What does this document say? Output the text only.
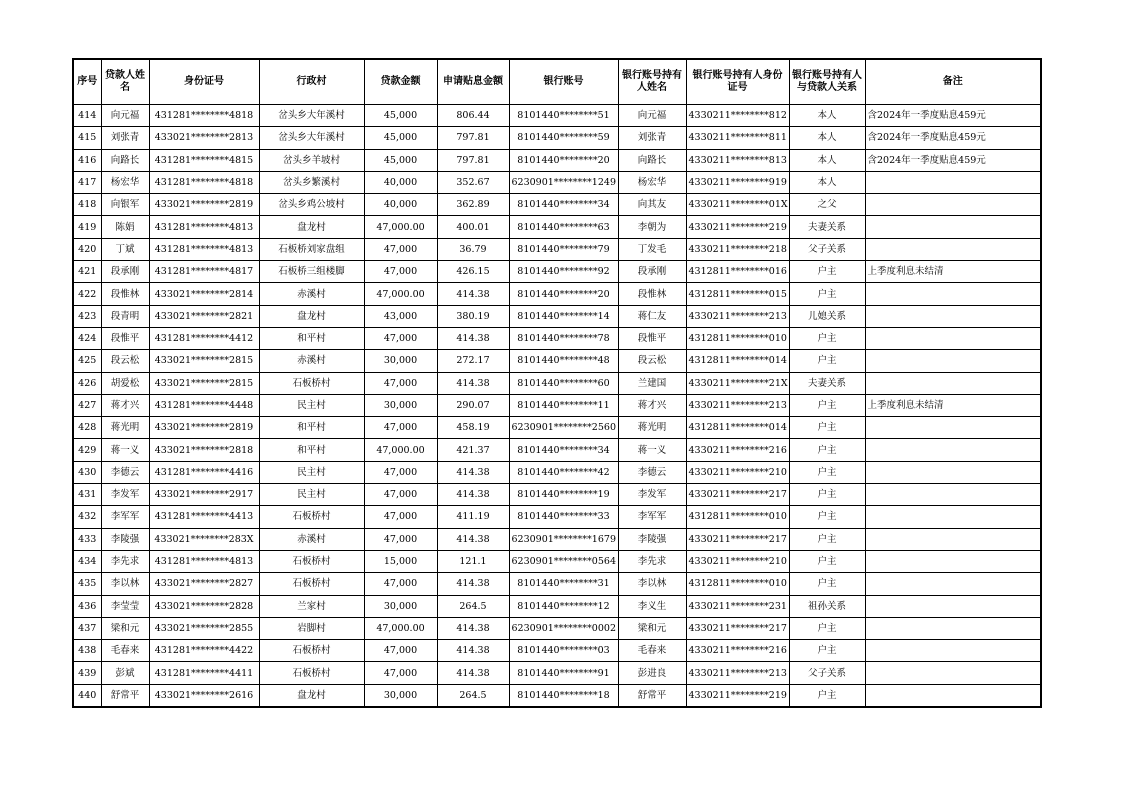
序号	贷款人姓名	身份证号	行政村	贷款金额	申请贴息金额	银行账号	银行账号持有人姓名	银行账号持有人身份证号	银行账号持有人与贷款人关系	备注
414	向元福	431281********4818	岔头乡大年溪村	45,000	806.44	8101440********51	向元福	4330211********812	本人	含2024年一季度贴息459元
415	刘张青	433021********2813	岔头乡大年溪村	45,000	797.81	8101440********59	刘张青	4330211********811	本人	含2024年一季度贴息459元
416	向路长	431281********4815	岔头乡羊坡村	45,000	797.81	8101440********20	向路长	4330211********813	本人	含2024年一季度贴息459元
417	杨宏华	431281********4818	岔头乡繁溪村	40,000	352.67	6230901********1249	杨宏华	4330211********919	本人	
418	向银军	433021********2819	岔头乡鸡公坡村	40,000	362.89	8101440********34	向其友	4330211********01X	之父	
419	陈娟	431281********4813	盘龙村	47,000.00	400.01	8101440********63	李朝为	4330211********219	夫妻关系	
420	丁斌	431281********4813	石板桥刘家盘组	47,000	36.79	8101440********79	丁发毛	4330211********218	父子关系	
421	段承刚	431281********4817	石板桥三组楼脚	47,000	426.15	8101440********92	段承刚	4312811********016	户主	上季度利息未结清
422	段惟林	433021********2814	赤溪村	47,000.00	414.38	8101440********20	段惟林	4312811********015	户主	
423	段青明	433021********2821	盘龙村	43,000	380.19	8101440********14	蒋仁友	4330211********213	儿媳关系	
424	段惟平	431281********4412	和平村	47,000	414.38	8101440********78	段惟平	4312811********010	户主	
425	段云松	433021********2815	赤溪村	30,000	272.17	8101440********48	段云松	4312811********014	户主	
426	胡爱松	433021********2815	石板桥村	47,000	414.38	8101440********60	兰建国	4330211********21X	夫妻关系	
427	蒋才兴	431281********4448	民主村	30,000	290.07	8101440********11	蒋才兴	4330211********213	户主	上季度利息未结清
428	蒋光明	433021********2819	和平村	47,000	458.19	6230901********2560	蒋光明	4312811********014	户主	
429	蒋一义	433021********2818	和平村	47,000.00	421.37	8101440********34	蒋一义	4330211********216	户主	
430	李德云	431281********4416	民主村	47,000	414.38	8101440********42	李德云	4330211********210	户主	
431	李发军	433021********2917	民主村	47,000	414.38	8101440********19	李发军	4330211********217	户主	
432	李军军	431281********4413	石板桥村	47,000	411.19	8101440********33	李军军	4312811********010	户主	
433	李陵强	433021********283X	赤溪村	47,000	414.38	6230901********1679	李陵强	4330211********217	户主	
434	李先求	431281********4813	石板桥村	15,000	121.1	6230901********0564	李先求	4330211********210	户主	
435	李以林	433021********2827	石板桥村	47,000	414.38	8101440********31	李以林	4312811********010	户主	
436	李莹莹	433021********2828	兰家村	30,000	264.5	8101440********12	李义生	4330211********231	祖孙关系	
437	梁和元	433021********2855	岩脚村	47,000.00	414.38	6230901********0002	梁和元	4330211********217	户主	
438	毛春来	431281********4422	石板桥村	47,000	414.38	8101440********03	毛春来	4330211********216	户主	
439	彭斌	431281********4411	石板桥村	47,000	414.38	8101440********91	彭进良	4330211********213	父子关系	
440	舒常平	433021********2616	盘龙村	30,000	264.5	8101440********18	舒常平	4330211********219	户主	
